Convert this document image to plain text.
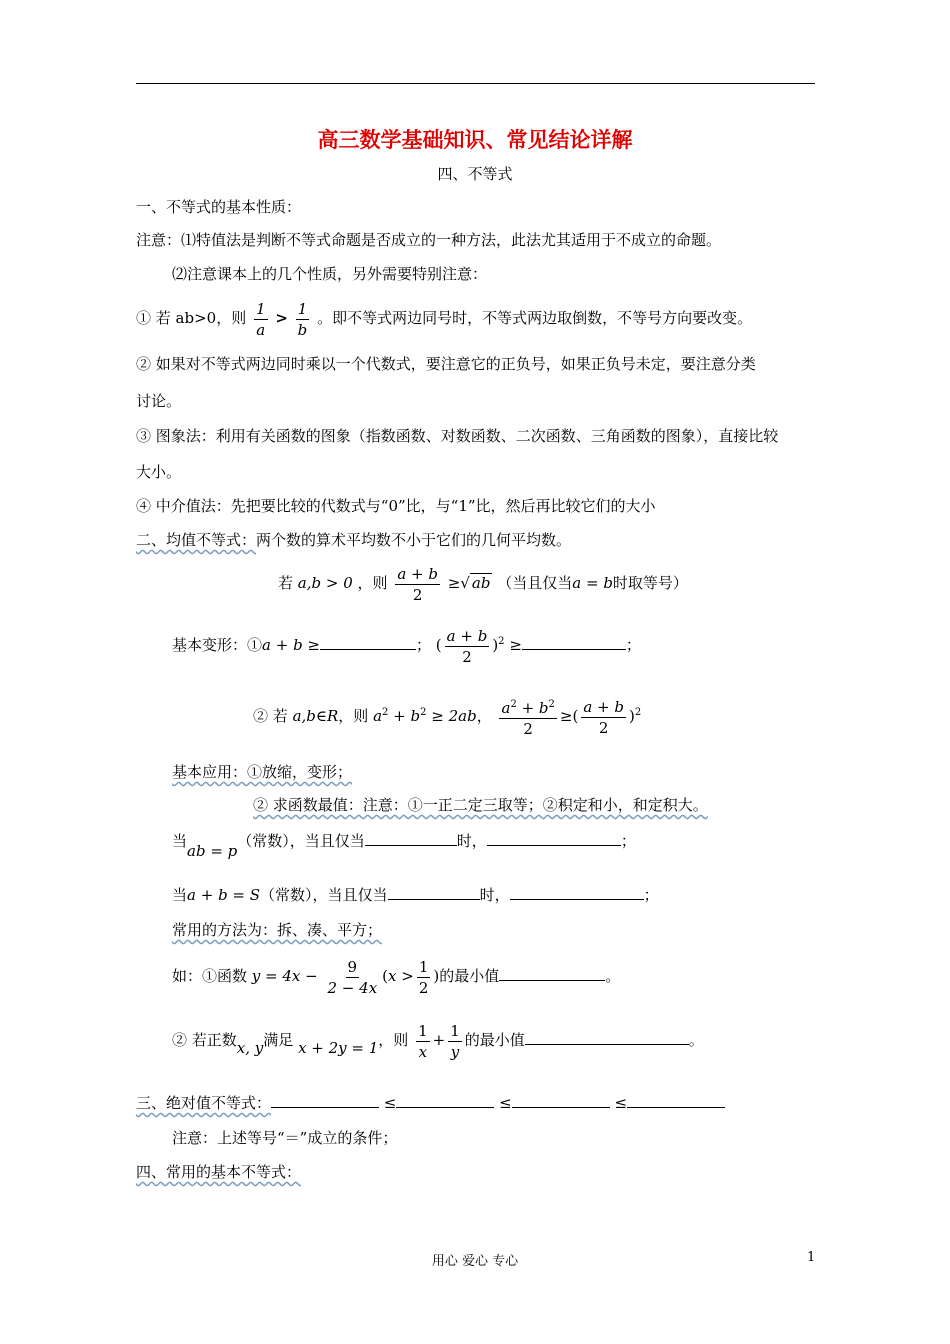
高三数学基础知识、常见结论详解
四、不等式
一、不等式的基本性质：
注意：⑴特值法是判断不等式命题是否成立的一种方法，此法尤其适用于不成立的命题。
⑵注意课本上的几个性质，另外需要特别注意：
① 若 ab>0，则 $\frac{1}{a} > \frac{1}{b}$ 。即不等式两边同号时，不等式两边取倒数，不等号方向要改变。
② 如果对不等式两边同时乘以一个代数式，要注意它的正负号，如果正负号未定，要注意分类
讨论。
③ 图象法：利用有关函数的图象（指数函数、对数函数、二次函数、三角函数的图象），直接比较
大小。
④ 中介值法：先把要比较的代数式与“0”比，与“1”比，然后再比较它们的大小
二、均值不等式：两个数的算术平均数不小于它们的几何平均数。
若 a,b > 0 ，则 $\frac{a + b}{2}$ ≥√ ab （当且仅当a = b时取等号）
基本变形：①a + b ≥	； ( $\frac{a + b}{2} )^2$ ≥	；
② 若 a,b∈R，则 $a^2 + b^2 \ge 2ab$， $\frac{a^2 + b^2}{2}$ ≥( $\frac{a + b}{2} )^2$
基本应用：①放缩，变形；
② 求函数最值：注意：①一正二定三取等；②积定和小，和定积大。
当ab = p（常数），当且仅当	时，	；
当a + b = S（常数），当且仅当	时，	；
常用的方法为：拆、凑、平方；
如：①函数 $y = 4x - \frac{9}{2 - 4x} (x > \frac{1}{2}$ )的最小值	。
② 若正数x, y满足 x + 2y = 1，则 $\frac{1}{x} + \frac{1}{y}$ 的最小值	。
三、绝对值不等式：	≤	≤	≤
注意：上述等号“＝”成立的条件；
四、常用的基本不等式：
用心 爱心 专心	1
